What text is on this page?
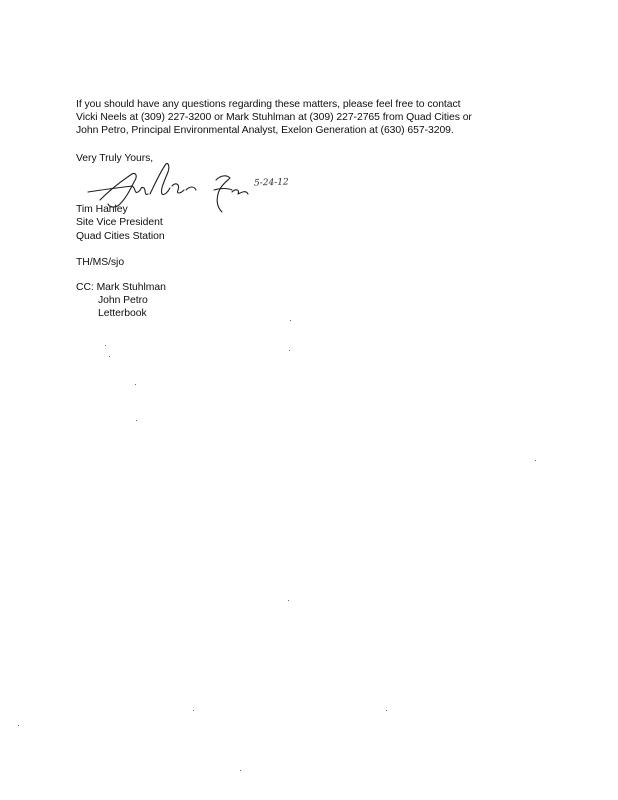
If you should have any questions regarding these matters, please feel free to contact
Vicki Neels at (309) 227-3200 or Mark Stuhlman at (309) 227-2765 from Quad Cities or
John Petro, Principal Environmental Analyst, Exelon Generation at (630) 657-3209.
Very Truly Yours,
5-24-12
Tim Hanley
Site Vice President
Quad Cities Station
TH/MS/sjo
CC: Mark Stuhlman
John Petro
Letterbook
